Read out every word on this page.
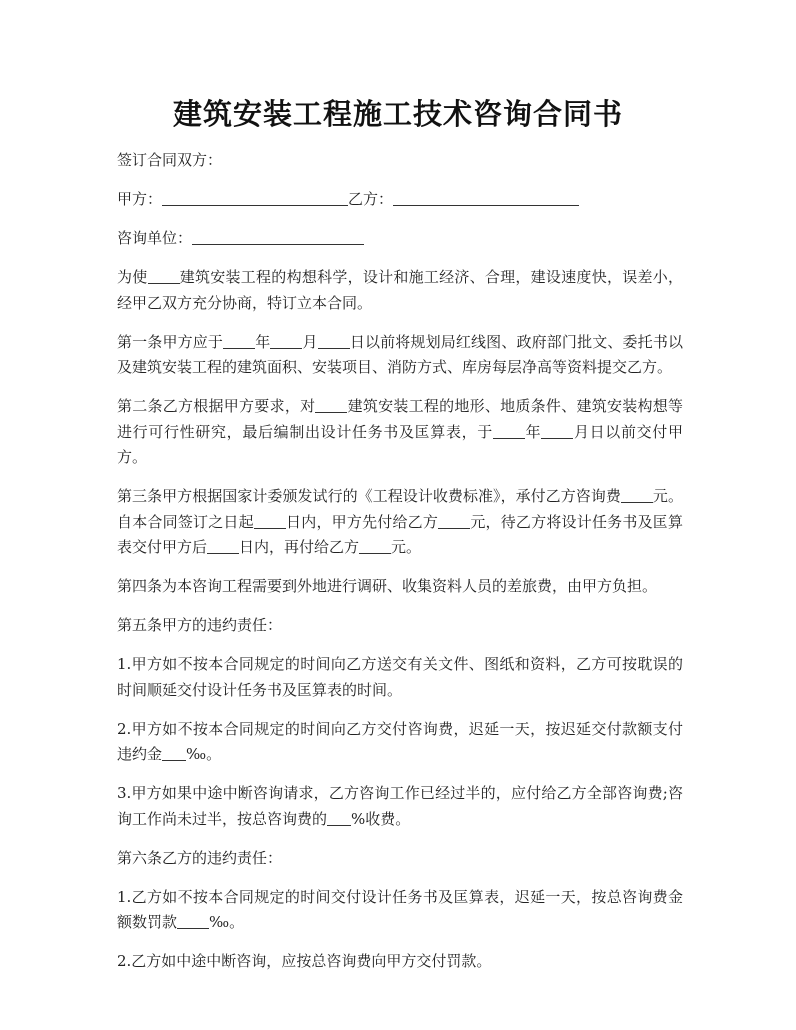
建筑安装工程施工技术咨询合同书

签订合同双方：

甲方：	乙方：

咨询单位：

为使 建筑安装工程的构想科学，设计和施工经济、合理，建设速度快，误差小，经甲乙双方充分协商，特订立本合同。

第一条甲方应于 年 月 日以前将规划局红线图、政府部门批文、委托书以及建筑安装工程的建筑面积、安装项目、消防方式、库房每层净高等资料提交乙方。

第二条乙方根据甲方要求，对 建筑安装工程的地形、地质条件、建筑安装构想等进行可行性研究，最后编制出设计任务书及匡算表，于 年 月日以前交付甲方。

第三条甲方根据国家计委颁发试行的《工程设计收费标准》，承付乙方咨询费 元。自本合同签订之日起 日内，甲方先付给乙方 元，待乙方将设计任务书及匡算表交付甲方后 日内，再付给乙方 元。

第四条为本咨询工程需要到外地进行调研、收集资料人员的差旅费，由甲方负担。

第五条甲方的违约责任：

1.甲方如不按本合同规定的时间向乙方送交有关文件、图纸和资料，乙方可按耽误的时间顺延交付设计任务书及匡算表的时间。

2.甲方如不按本合同规定的时间向乙方交付咨询费，迟延一天，按迟延交付款额支付违约金 ‰。

3.甲方如果中途中断咨询请求，乙方咨询工作已经过半的，应付给乙方全部咨询费;咨询工作尚未过半，按总咨询费的 %收费。

第六条乙方的违约责任：

1.乙方如不按本合同规定的时间交付设计任务书及匡算表，迟延一天，按总咨询费金额数罚款 ‰。

2.乙方如中途中断咨询，应按总咨询费向甲方交付罚款。
